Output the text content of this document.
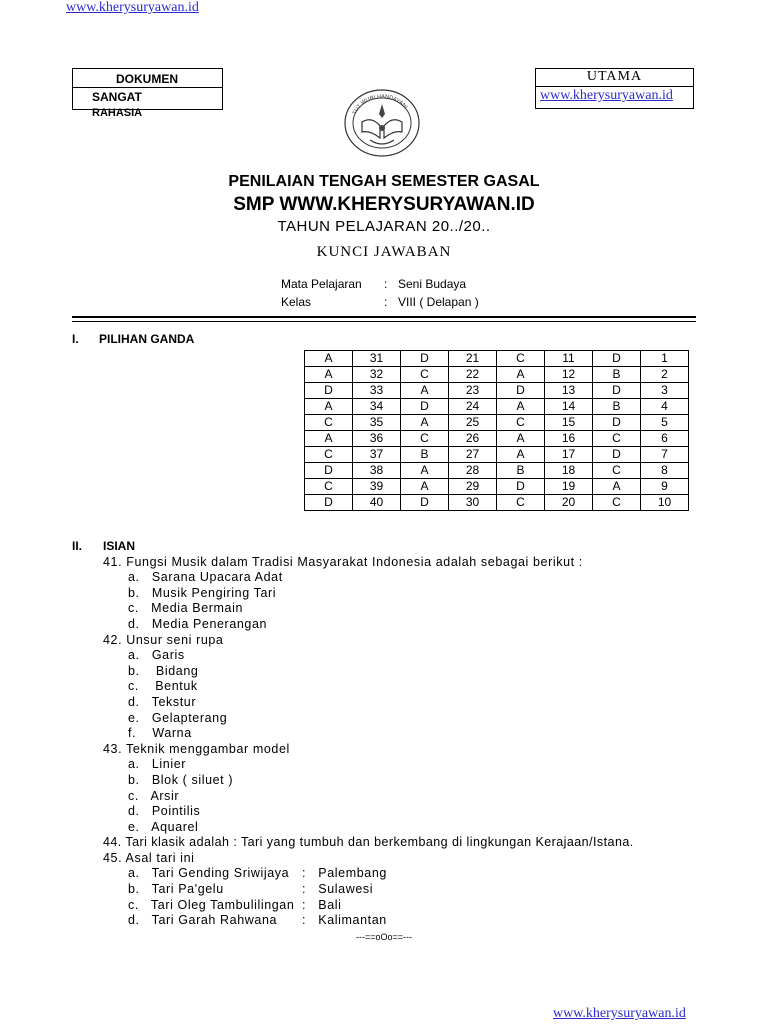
www.kherysuryawan.id
DOKUMEN
SANGAT
RAHASIA
UTAMA
www.kherysuryawan.id
TUT WURI HANDAYANI
PENILAIAN TENGAH SEMESTER GASAL
SMP WWW.KHERYSURYAWAN.ID
TAHUN PELAJARAN 20../20..
KUNCI JAWABAN
Mata Pelajaran : Seni Budaya
Kelas	: VIII ( Delapan )
I. PILIHAN GANDA
A	31	D	21	C	11	D	1
A	32	C	22	A	12	B	2
D	33	A	23	D	13	D	3
A	34	D	24	A	14	B	4
C	35	A	25	C	15	D	5
A	36	C	26	A	16	C	6
C	37	B	27	A	17	D	7
D	38	A	28	B	18	C	8
C	39	A	29	D	19	A	9
D	40	D	30	C	20	C	10
II. ISIAN
41. Fungsi Musik dalam Tradisi Masyarakat Indonesia adalah sebagai berikut :
a.   Sarana Upacara Adat
b.   Musik Pengiring Tari
c.   Media Bermain
d.   Media Penerangan
42. Unsur seni rupa
a.   Garis
b.    Bidang
c.    Bentuk
d.   Tekstur
e.   Gelapterang
f.    Warna
43. Teknik menggambar model
a.   Linier
b.   Blok ( siluet )
c.   Arsir
d.   Pointilis
e.   Aquarel
44. Tari klasik adalah : Tari yang tumbuh dan berkembang di lingkungan Kerajaan/Istana.
45. Asal tari ini
a.   Tari Gending Sriwijaya :   Palembang
b.   Tari Pa'gelu	:   Sulawesi
c.   Tari Oleg Tambulilingan :   Bali
d.   Tari Garah Rahwana :   Kalimantan
---==oOo==---
www.kherysuryawan.id
